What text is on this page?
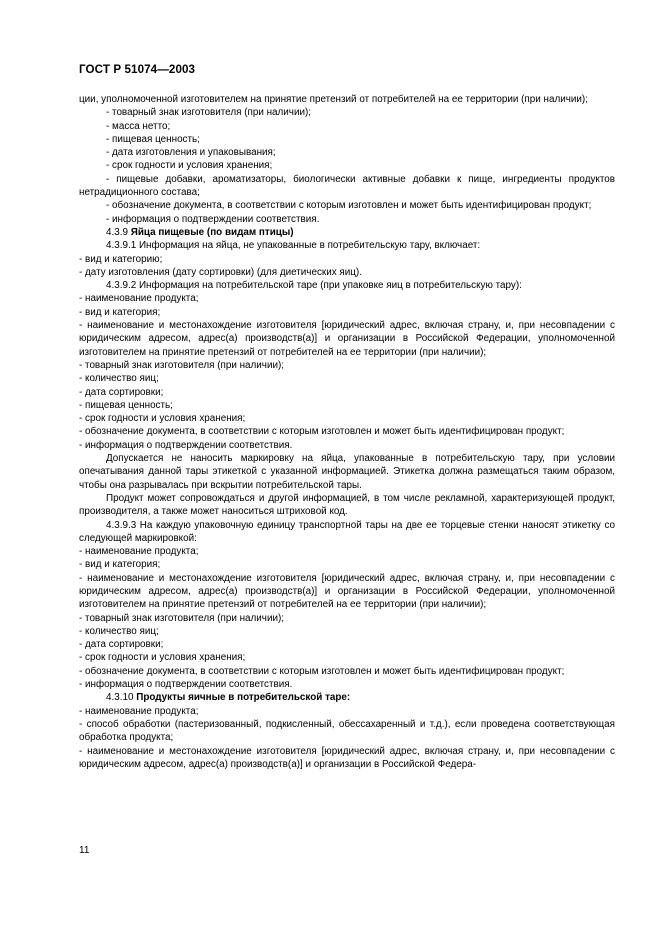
ГОСТ Р 51074—2003

ции, уполномоченной изготовителем на принятие претензий от потребителей на ее территории (при наличии);

- товарный знак изготовителя (при наличии);

- масса нетто;

- пищевая ценность;

- дата изготовления и упаковывания;

- срок годности и условия хранения;

- пищевые добавки, ароматизаторы, биологически активные добавки к пище, ингредиенты продуктов нетрадиционного состава;

- обозначение документа, в соответствии с которым изготовлен и может быть идентифицирован продукт;

- информация о подтверждении соответствия.

4.3.9 Яйца пищевые (по видам птицы)

4.3.9.1 Информация на яйца, не упакованные в потребительскую тару, включает:

- вид и категорию;

- дату изготовления (дату сортировки) (для диетических яиц).

4.3.9.2 Информация на потребительской таре (при упаковке яиц в потребительскую тару):

- наименование продукта;

- вид и категория;

- наименование и местонахождение изготовителя [юридический адрес, включая страну, и, при несовпадении с юридическим адресом, адрес(а) производств(а)] и организации в Российской Федерации, уполномоченной изготовителем на принятие претензий от потребителей на ее территории (при наличии);

- товарный знак изготовителя (при наличии);

- количество яиц;

- дата сортировки;

- пищевая ценность;

- срок годности и условия хранения;

- обозначение документа, в соответствии с которым изготовлен и может быть идентифицирован продукт;

- информация о подтверждении соответствия.

Допускается не наносить маркировку на яйца, упакованные в потребительскую тару, при условии опечатывания данной тары этикеткой с указанной информацией. Этикетка должна размещаться таким образом, чтобы она разрывалась при вскрытии потребительской тары.

Продукт может сопровождаться и другой информацией, в том числе рекламной, характеризующей продукт, производителя, а также может наноситься штриховой код.

4.3.9.3 На каждую упаковочную единицу транспортной тары на две ее торцевые стенки наносят этикетку со следующей маркировкой:

- наименование продукта;

- вид и категория;

- наименование и местонахождение изготовителя [юридический адрес, включая страну, и, при несовпадении с юридическим адресом, адрес(а) производств(а)] и организации в Российской Федерации, уполномоченной изготовителем на принятие претензий от потребителей на ее территории (при наличии);

- товарный знак изготовителя (при наличии);

- количество яиц;

- дата сортировки;

- срок годности и условия хранения;

- обозначение документа, в соответствии с которым изготовлен и может быть идентифицирован продукт;

- информация о подтверждении соответствия.

4.3.10 Продукты яичные в потребительской таре:

- наименование продукта;

- способ обработки (пастеризованный, подкисленный, обессахаренный и т.д.), если проведена соответствующая обработка продукта;

- наименование и местонахождение изготовителя [юридический адрес, включая страну, и, при несовпадении с юридическим адресом, адрес(а) производств(а)] и организации в Российской Федера-

11
